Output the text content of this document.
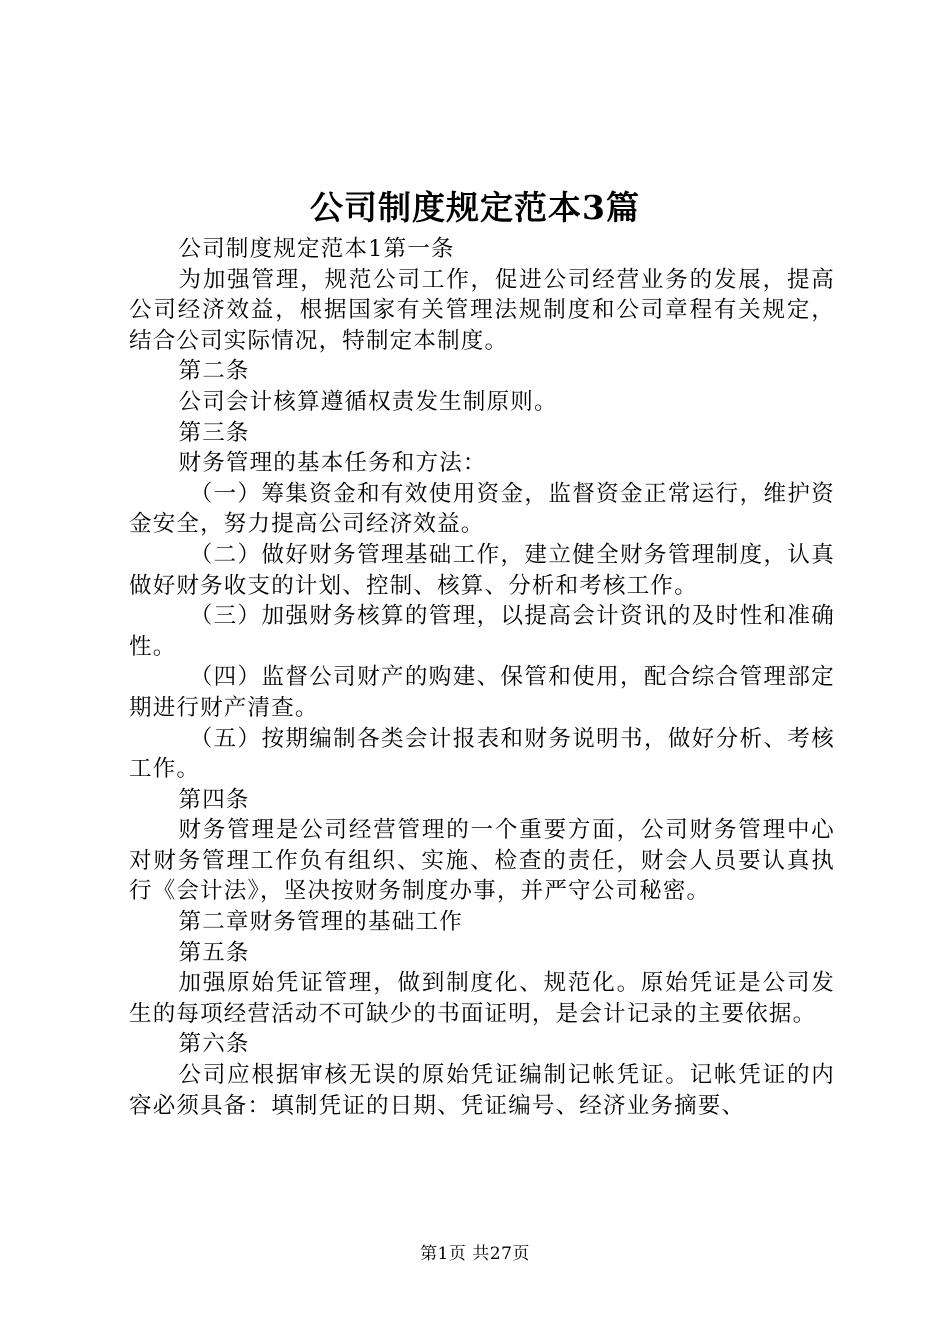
公司制度规定范本3篇

公司制度规定范本1第一条

为加强管理，规范公司工作，促进公司经营业务的发展，提高公司经济效益，根据国家有关管理法规制度和公司章程有关规定，结合公司实际情况，特制定本制度。

第二条

公司会计核算遵循权责发生制原则。

第三条

财务管理的基本任务和方法：

（一）筹集资金和有效使用资金，监督资金正常运行，维护资金安全，努力提高公司经济效益。

（二）做好财务管理基础工作，建立健全财务管理制度，认真做好财务收支的计划、控制、核算、分析和考核工作。

（三）加强财务核算的管理，以提高会计资讯的及时性和准确性。

（四）监督公司财产的购建、保管和使用，配合综合管理部定期进行财产清查。

（五）按期编制各类会计报表和财务说明书，做好分析、考核工作。

第四条

财务管理是公司经营管理的一个重要方面，公司财务管理中心对财务管理工作负有组织、实施、检查的责任，财会人员要认真执行《会计法》，坚决按财务制度办事，并严守公司秘密。

第二章财务管理的基础工作

第五条

加强原始凭证管理，做到制度化、规范化。原始凭证是公司发生的每项经营活动不可缺少的书面证明，是会计记录的主要依据。

第六条

公司应根据审核无误的原始凭证编制记帐凭证。记帐凭证的内容必须具备：填制凭证的日期、凭证编号、经济业务摘要、

第1页 共27页
